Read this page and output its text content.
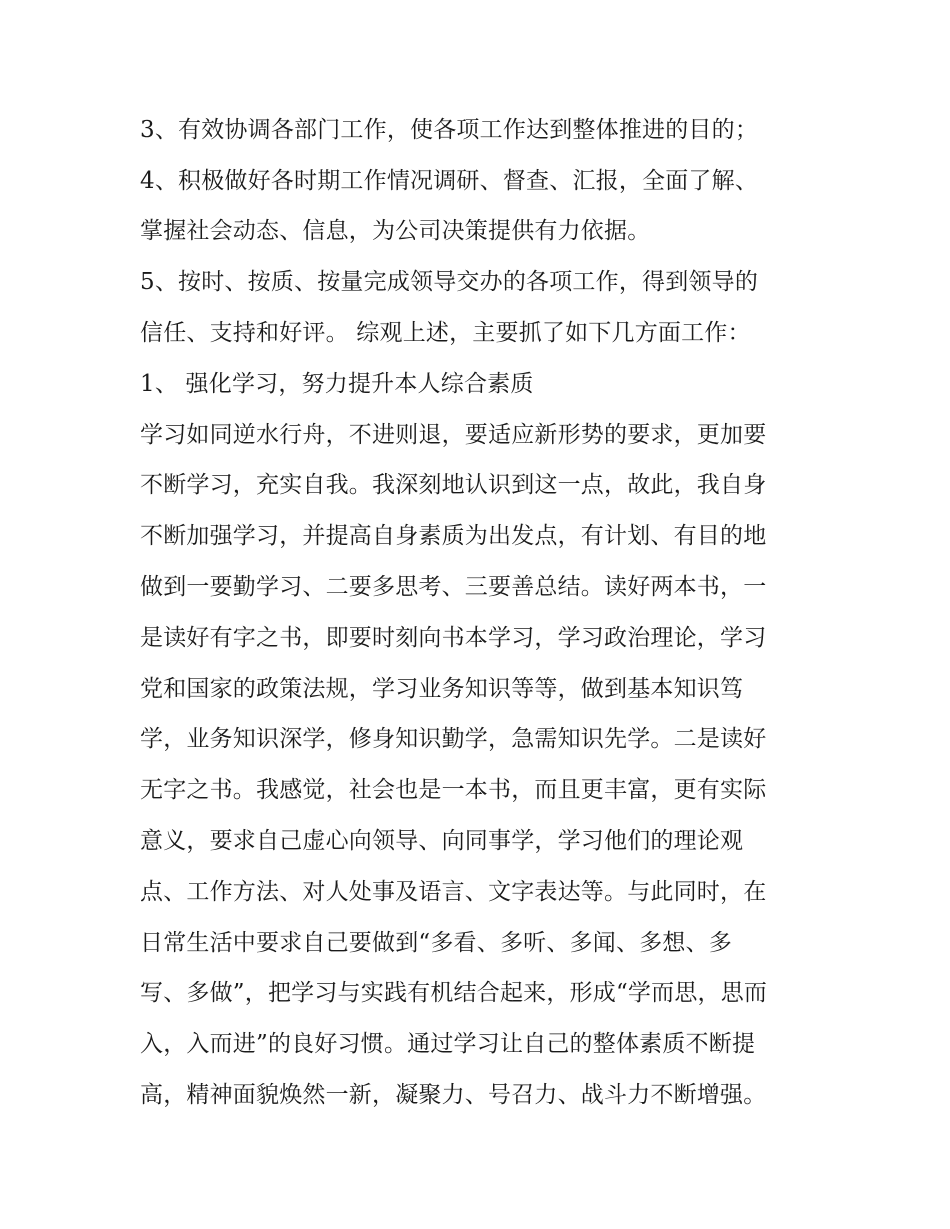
3、有效协调各部门工作，使各项工作达到整体推进的目的；
4、积极做好各时期工作情况调研、督查、汇报，全面了解、
掌握社会动态、信息，为公司决策提供有力依据。
5、按时、按质、按量完成领导交办的各项工作，得到领导的
信任、支持和好评。 综观上述，主要抓了如下几方面工作：
1、 强化学习，努力提升本人综合素质
学习如同逆水行舟，不进则退，要适应新形势的要求，更加要
不断学习，充实自我。我深刻地认识到这一点，故此，我自身
不断加强学习，并提高自身素质为出发点，有计划、有目的地
做到一要勤学习、二要多思考、三要善总结。读好两本书，一
是读好有字之书，即要时刻向书本学习，学习政治理论，学习
党和国家的政策法规，学习业务知识等等，做到基本知识笃
学，业务知识深学，修身知识勤学，急需知识先学。二是读好
无字之书。我感觉，社会也是一本书，而且更丰富，更有实际
意义，要求自己虚心向领导、向同事学，学习他们的理论观
点、工作方法、对人处事及语言、文字表达等。与此同时，在
日常生活中要求自己要做到“多看、多听、多闻、多想、多
写、多做”，把学习与实践有机结合起来，形成“学而思，思而
入，入而进”的良好习惯。通过学习让自己的整体素质不断提
高，精神面貌焕然一新，凝聚力、号召力、战斗力不断增强。
